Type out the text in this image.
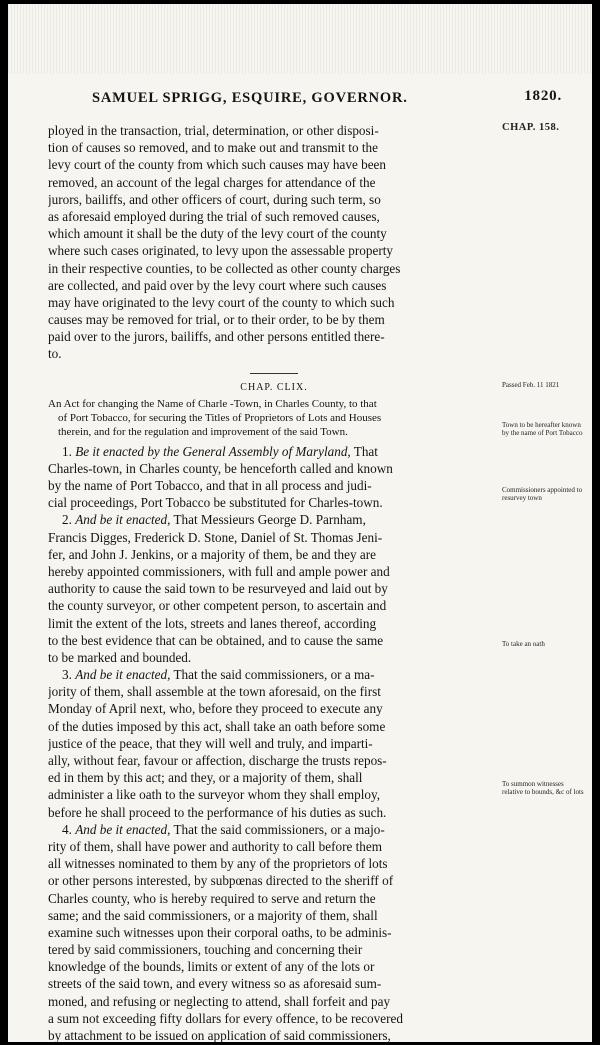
SAMUEL SPRIGG, ESQUIRE, GOVERNOR.	1820.
CHAP. 158.
Passed Feb. 11 1821
Town to be hereafter known by the name of Port Tobacco
Commissioners appointed to resurvey town
To take an oath
To summon witnesses relative to bounds, &c of lots
ployed in the transaction, trial, determination, or other disposi-
tion of causes so removed, and to make out and transmit to the
levy court of the county from which such causes may have been
removed, an account of the legal charges for attendance of the
jurors, bailiffs, and other officers of court, during such term, so
as aforesaid employed during the trial of such removed causes,
which amount it shall be the duty of the levy court of the county
where such cases originated, to levy upon the assessable property
in their respective counties, to be collected as other county charges
are collected, and paid over by the levy court where such causes
may have originated to the levy court of the county to which such
causes may be removed for trial, or to their order, to be by them
paid over to the jurors, bailiffs, and other persons entitled there-
to.
CHAP. CLIX.
An Act for changing the Name of Charle -Town, in Charles County, to that
of Port Tobacco, for securing the Titles of Proprietors of Lots and Houses
therein, and for the regulation and improvement of the said Town.
1. Be it enacted by the General Assembly of Maryland, That
Charles-town, in Charles county, be henceforth called and known
by the name of Port Tobacco, and that in all process and judi-
cial proceedings, Port Tobacco be substituted for Charles-town.
2. And be it enacted, That Messieurs George D. Parnham,
Francis Digges, Frederick D. Stone, Daniel of St. Thomas Jeni-
fer, and John J. Jenkins, or a majority of them, be and they are
hereby appointed commissioners, with full and ample power and
authority to cause the said town to be resurveyed and laid out by
the county surveyor, or other competent person, to ascertain and
limit the extent of the lots, streets and lanes thereof, according
to the best evidence that can be obtained, and to cause the same
to be marked and bounded.
3. And be it enacted, That the said commissioners, or a ma-
jority of them, shall assemble at the town aforesaid, on the first
Monday of April next, who, before they proceed to execute any
of the duties imposed by this act, shall take an oath before some
justice of the peace, that they will well and truly, and imparti-
ally, without fear, favour or affection, discharge the trusts repos-
ed in them by this act; and they, or a majority of them, shall
administer a like oath to the surveyor whom they shall employ,
before he shall proceed to the performance of his duties as such.
4. And be it enacted, That the said commissioners, or a majo-
rity of them, shall have power and authority to call before them
all witnesses nominated to them by any of the proprietors of lots
or other persons interested, by subpœnas directed to the sheriff of
Charles county, who is hereby required to serve and return the
same; and the said commissioners, or a majority of them, shall
examine such witnesses upon their corporal oaths, to be adminis-
tered by said commissioners, touching and concerning their
knowledge of the bounds, limits or extent of any of the lots or
streets of the said town, and every witness so as aforesaid sum-
moned, and refusing or neglecting to attend, shall forfeit and pay
a sum not exceeding fifty dollars for every offence, to be recovered
by attachment to be issued on application of said commissioners,
